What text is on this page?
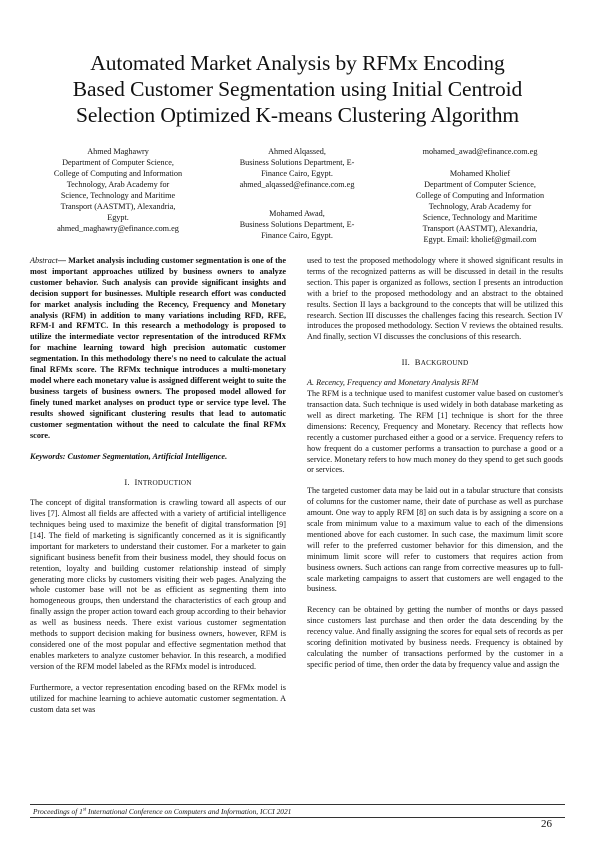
Automated Market Analysis by RFMx Encoding
Based Customer Segmentation using Initial Centroid
Selection Optimized K-means Clustering Algorithm
Ahmed Maghawry
Department of Computer Science,
College of Computing and Information
Technology, Arab Academy for
Science, Technology and Maritime
Transport (AASTMT), Alexandria,
Egypt.
ahmed_maghawry@efinance.com.eg
Ahmed Alqassed,
Business Solutions Department, E-
Finance Cairo, Egypt.
ahmed_alqassed@efinance.com.eg
Mohamed Awad,
Business Solutions Department, E-
Finance Cairo, Egypt.
mohamed_awad@efinance.com.eg
Mohamed Kholief
Department of Computer Science,
College of Computing and Information
Technology, Arab Academy for
Science, Technology and Maritime
Transport (AASTMT), Alexandria,
Egypt. Email: kholief@gmail.com

Abstract— Market analysis including customer segmentation is one of the most important approaches utilized by business owners to analyze customer behavior. Such analysis can provide significant insights and decision support for businesses. Multiple research effort was conducted for market analysis including the Recency, Frequency and Monetary analysis (RFM) in addition to many variations including RFD, RFE, RFM-I and RFMTC. In this research a methodology is proposed to utilize the intermediate vector representation of the introduced RFMx for machine learning toward high precision automatic customer segmentation. In this methodology there's no need to calculate the actual final RFMx score. The RFMx technique introduces a multi-monetary model where each monetary value is assigned different weight to suite the business targets of business owners. The proposed model allowed for finely tuned market analyses on product type or service type level. The results showed significant clustering results that lead to automatic customer segmentation without the need to calculate the final RFMx score.

Keywords: Customer Segmentation, Artificial Intelligence.

I. INTRODUCTION

The concept of digital transformation is crawling toward all aspects of our lives [7]. Almost all fields are affected with a variety of artificial intelligence techniques being used to maximize the benefit of digital transformation [9][14]. The field of marketing is significantly concerned as it is significantly important for marketers to understand their customer. For a marketer to gain significant business benefit from their business model, they should focus on retention, loyalty and building customer relationship instead of simply generating more clicks by customers visiting their web pages. Analyzing the whole customer base will not be as efficient as segmenting them into homogeneous groups, then understand the characteristics of each group and finally assign the proper action toward each group according to their behavior as well as business needs. There exist various customer segmentation methods to support decision making for business owners, however, RFM is considered one of the most popular and effective segmentation method that enables marketers to analyze customer behavior. In this research, a modified version of the RFM model labeled as the RFMx model is introduced.

Furthermore, a vector representation encoding based on the RFMx model is utilized for machine learning to achieve automatic customer segmentation. A custom data set was

used to test the proposed methodology where it showed significant results in terms of the recognized patterns as will be discussed in detail in the results section. This paper is organized as follows, section I presents an introduction with a brief to the proposed methodology and an abstract to the obtained results. Section II lays a background to the concepts that will be utilized this research. Section III discusses the challenges facing this research. Section IV introduces the proposed methodology. Section V reviews the obtained results. And finally, section VI discusses the conclusions of this research.

II. BACKGROUND

A. Recency, Frequency and Monetary Analysis RFM

The RFM is a technique used to manifest customer value based on customer's transaction data. Such technique is used widely in both database marketing as well as direct marketing. The RFM [1] technique is short for the three dimensions: Recency, Frequency and Monetary. Recency that reflects how recently a customer purchased either a good or a service. Frequency refers to how frequent do a customer performs a transaction to purchase a good or a service. Monetary refers to how much money do they spend to get such goods or services.

The targeted customer data may be laid out in a tabular structure that consists of columns for the customer name, their date of purchase as well as purchase amount. One way to apply RFM [8] on such data is by assigning a score on a scale from minimum value to a maximum value to each of the dimensions mentioned above for each customer. In such case, the maximum limit score will refer to the preferred customer behavior for this dimension, and the minimum limit score will refer to customers that requires action from business owners. Such actions can range from corrective measures up to full-scale marketing campaigns to assert that customers are well engaged to the business.

Recency can be obtained by getting the number of months or days passed since customers last purchase and then order the data descending by the recency value. And finally assigning the scores for equal sets of records as per scoring definition motivated by business needs. Frequency is obtained by calculating the number of transactions performed by the customer in a specific period of time, then order the data by frequency value and assign the

Proceedings of 1st International Conference on Computers and Information, ICCI 2021
26
